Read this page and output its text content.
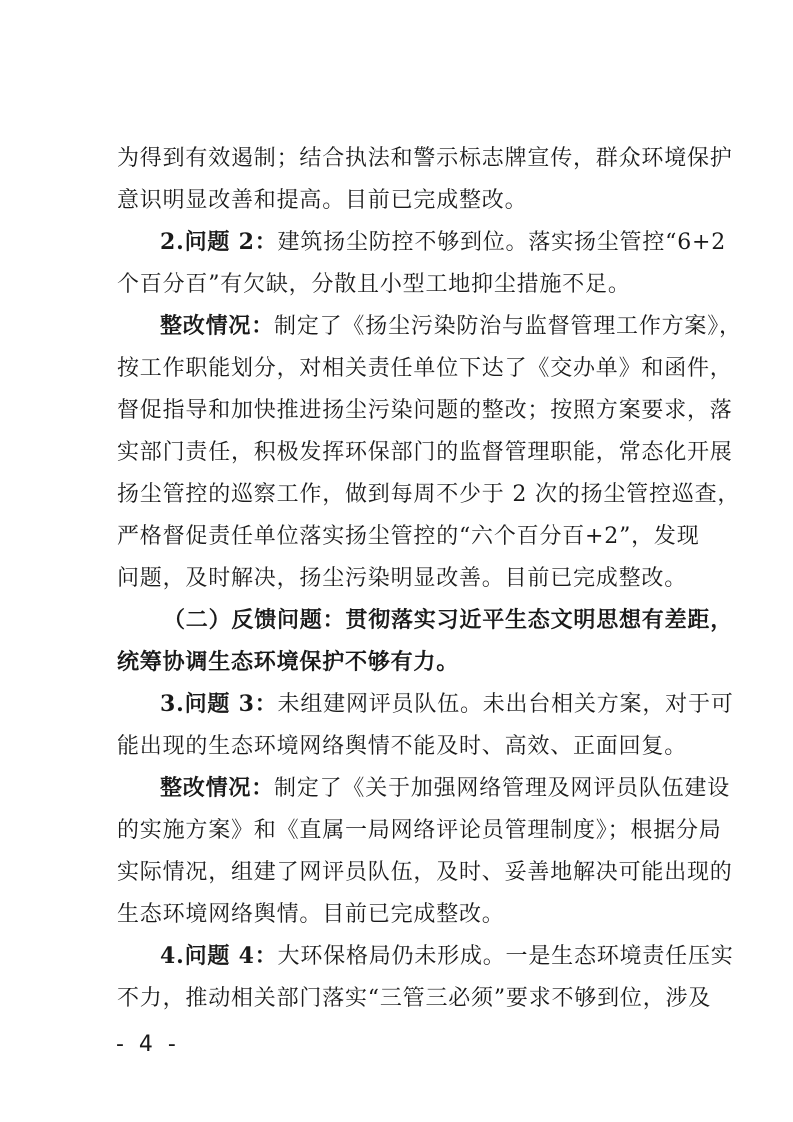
为得到有效遏制；结合执法和警示标志牌宣传，群众环境保护
意识明显改善和提高。目前已完成整改。
2.问题 2：建筑扬尘防控不够到位。落实扬尘管控“6+2
个百分百”有欠缺，分散且小型工地抑尘措施不足。
整改情况：制定了《扬尘污染防治与监督管理工作方案》，
按工作职能划分，对相关责任单位下达了《交办单》和函件，
督促指导和加快推进扬尘污染问题的整改；按照方案要求，落
实部门责任，积极发挥环保部门的监督管理职能，常态化开展
扬尘管控的巡察工作，做到每周不少于 2 次的扬尘管控巡查，
严格督促责任单位落实扬尘管控的“六个百分百+2”，发现
问题，及时解决，扬尘污染明显改善。目前已完成整改。
（二）反馈问题：贯彻落实习近平生态文明思想有差距，
统筹协调生态环境保护不够有力。
3.问题 3：未组建网评员队伍。未出台相关方案，对于可
能出现的生态环境网络舆情不能及时、高效、正面回复。
整改情况：制定了《关于加强网络管理及网评员队伍建设
的实施方案》和《直属一局网络评论员管理制度》；根据分局
实际情况，组建了网评员队伍，及时、妥善地解决可能出现的
生态环境网络舆情。目前已完成整改。
4.问题 4：大环保格局仍未形成。一是生态环境责任压实
不力，推动相关部门落实“三管三必须”要求不够到位，涉及
- 4 -
